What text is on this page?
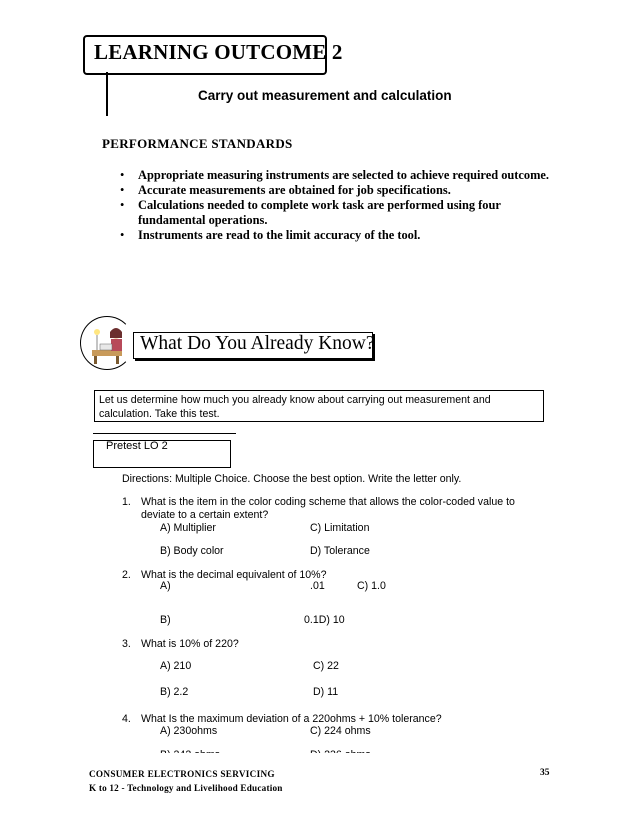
LEARNING OUTCOME 2
Carry out measurement and calculation
PERFORMANCE STANDARDS

• Appropriate measuring instruments are selected to achieve required outcome.

• Accurate measurements are obtained for job specifications.

• Calculations needed to complete work task are performed using four fundamental operations.

• Instruments are read to the limit accuracy of the tool.

What Do You Already Know?
Let us determine how much you already know about carrying out measurement and calculation. Take this test.
Pretest LO 2
Directions: Multiple Choice. Choose the best option. Write the letter only.
1. What is the item in the color coding scheme that allows the color-coded value to
deviate to a certain extent?
A) Multiplier	C) Limitation
B) Body color	D) Tolerance
2. What is the decimal equivalent of 10%?
A)	.01	C) 1.0
B)	0.1D) 10
3. What is 10% of 220?
A) 210	C) 22
B) 2.2	D) 11
4. What Is the maximum deviation of a 220ohms + 10% tolerance?
A) 230ohms	C) 224 ohms
CONSUMER ELECTRONICS SERVICING
K to 12 - Technology and Livelihood Education
35
